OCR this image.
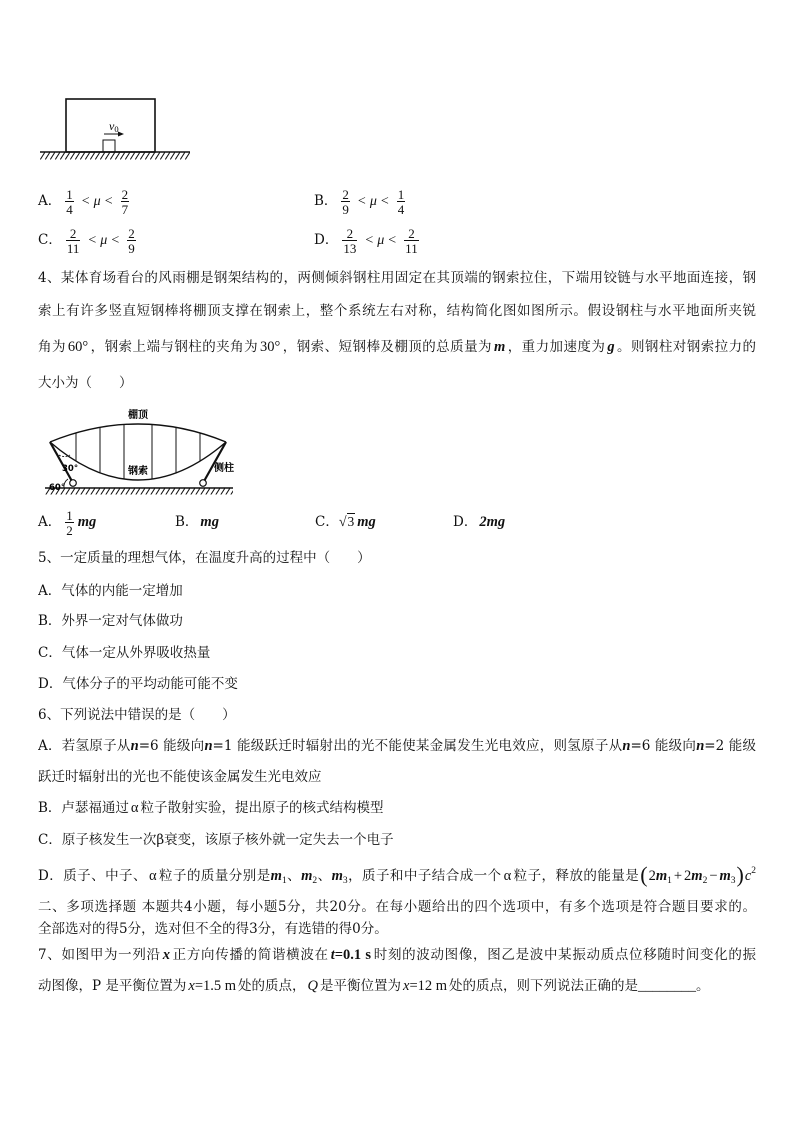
v0
A． $\frac{1}{4} < \mu < \frac{2}{7}$	B． $\frac{2}{9} < \mu < \frac{1}{4}$
C． $\frac{2}{11} < \mu < \frac{2}{9}$	D． $\frac{2}{13} < \mu < \frac{2}{11}$
4、某体育场看台的风雨棚是钢架结构的，两侧倾斜钢柱用固定在其顶端的钢索拉住，下端用铰链与水平地面连接，钢
索上有许多竖直短钢棒将棚顶支撑在钢索上，整个系统左右对称，结构简化图如图所示。假设钢柱与水平地面所夹锐
角为 60° ，钢索上端与钢柱的夹角为 30° ，钢索、短钢棒及棚顶的总质量为 m ，重力加速度为 g 。则钢柱对钢索拉力的
大小为（　　）
棚顶
钢索	侧柱
30°
60°
A． $\frac{1}{2}$ mg	B． mg	C．√3 mg	D． 2mg
5、一定质量的理想气体，在温度升高的过程中（　　）
A．气体的内能一定增加
B．外界一定对气体做功
C．气体一定从外界吸收热量
D．气体分子的平均动能可能不变
6、下列说法中错误的是（　　）
A．若氢原子从n=6 能级向n=1 能级跃迁时辐射出的光不能使某金属发生光电效应，则氢原子从n=6 能级向n=2 能级
跃迁时辐射出的光也不能使该金属发生光电效应
B．卢瑟福通过 α 粒子散射实验，提出原子的核式结构模型
C．原子核发生一次β衰变，该原子核外就一定失去一个电子
D．质子、中子、 α 粒子的质量分别是$m_1$、$m_2$、$m_3$，质子和中子结合成一个 α 粒子，释放的能量是$(2m_1 + 2m_2 - m_3)c^2$
二、多项选择题 本题共4小题，每小题5分，共20分。在每小题给出的四个选项中，有多个选项是符合题目要求的。
全部选对的得5分，选对但不全的得3分，有选错的得0分。
7、如图甲为一列沿 x 正方向传播的简谐横波在 t=0.1 s 时刻的波动图像，图乙是波中某振动质点位移随时间变化的振
动图像，P 是平衡位置为 x=1.5 m 处的质点， Q 是平衡位置为 x=12 m 处的质点，则下列说法正确的是________。
